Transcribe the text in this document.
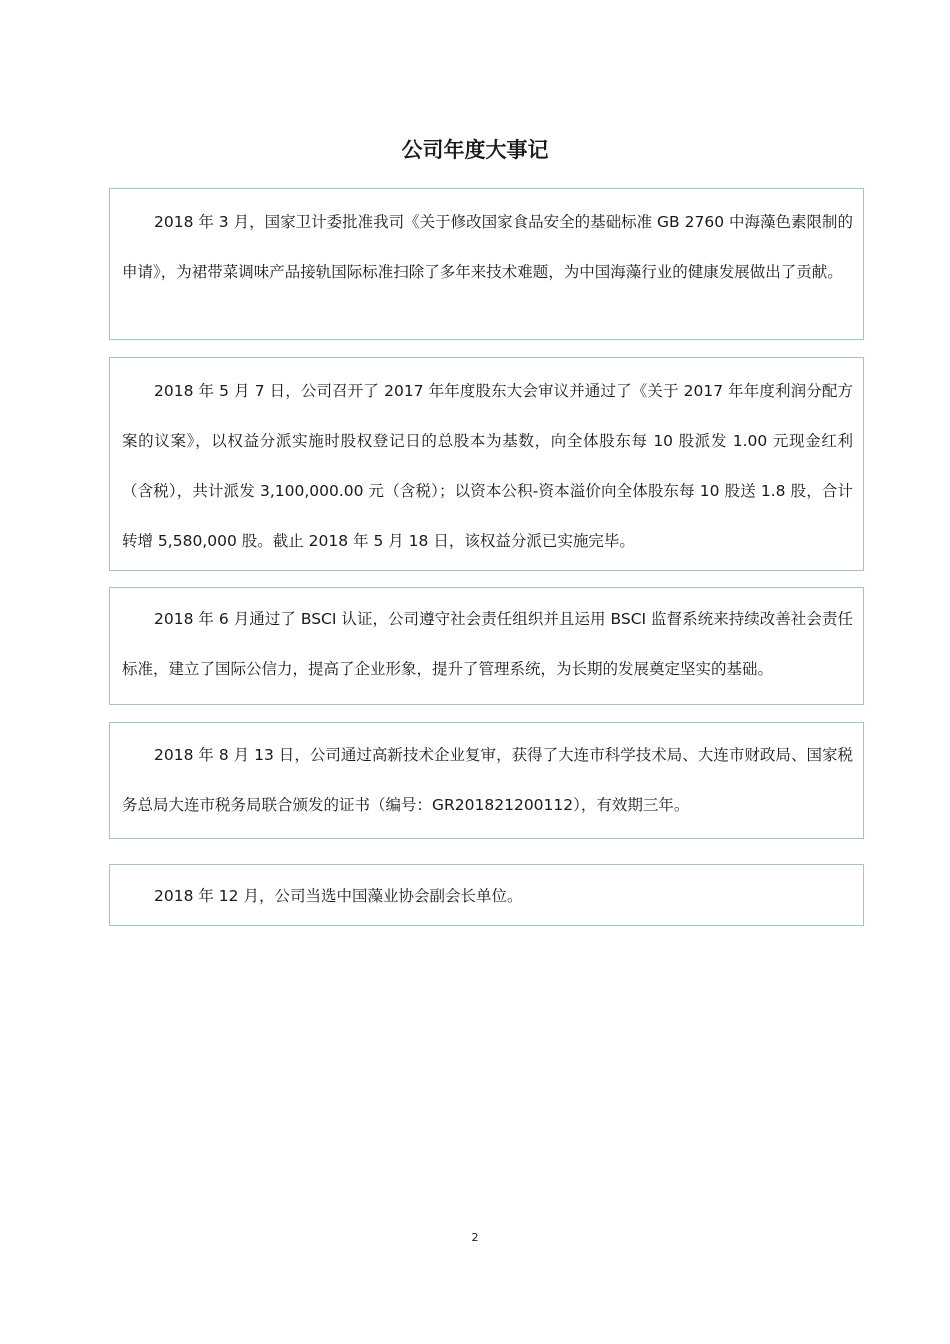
公司年度大事记

2018 年 3 月，国家卫计委批准我司《关于修改国家食品安全的基础标准 GB 2760 中海藻色素限制的申请》，为裙带菜调味产品接轨国际标准扫除了多年来技术难题，为中国海藻行业的健康发展做出了贡献。

2018 年 5 月 7 日，公司召开了 2017 年年度股东大会审议并通过了《关于 2017 年年度利润分配方案的议案》，以权益分派实施时股权登记日的总股本为基数，向全体股东每 10 股派发 1.00 元现金红利（含税），共计派发 3,100,000.00 元（含税）；以资本公积-资本溢价向全体股东每 10 股送 1.8 股，合计转增 5,580,000 股。截止 2018 年 5 月 18 日，该权益分派已实施完毕。

2018 年 6 月通过了 BSCI 认证，公司遵守社会责任组织并且运用 BSCI 监督系统来持续改善社会责任标准，建立了国际公信力，提高了企业形象，提升了管理系统，为长期的发展奠定坚实的基础。

2018 年 8 月 13 日，公司通过高新技术企业复审，获得了大连市科学技术局、大连市财政局、国家税务总局大连市税务局联合颁发的证书（编号：GR201821200112），有效期三年。

2018 年 12 月，公司当选中国藻业协会副会长单位。

2
